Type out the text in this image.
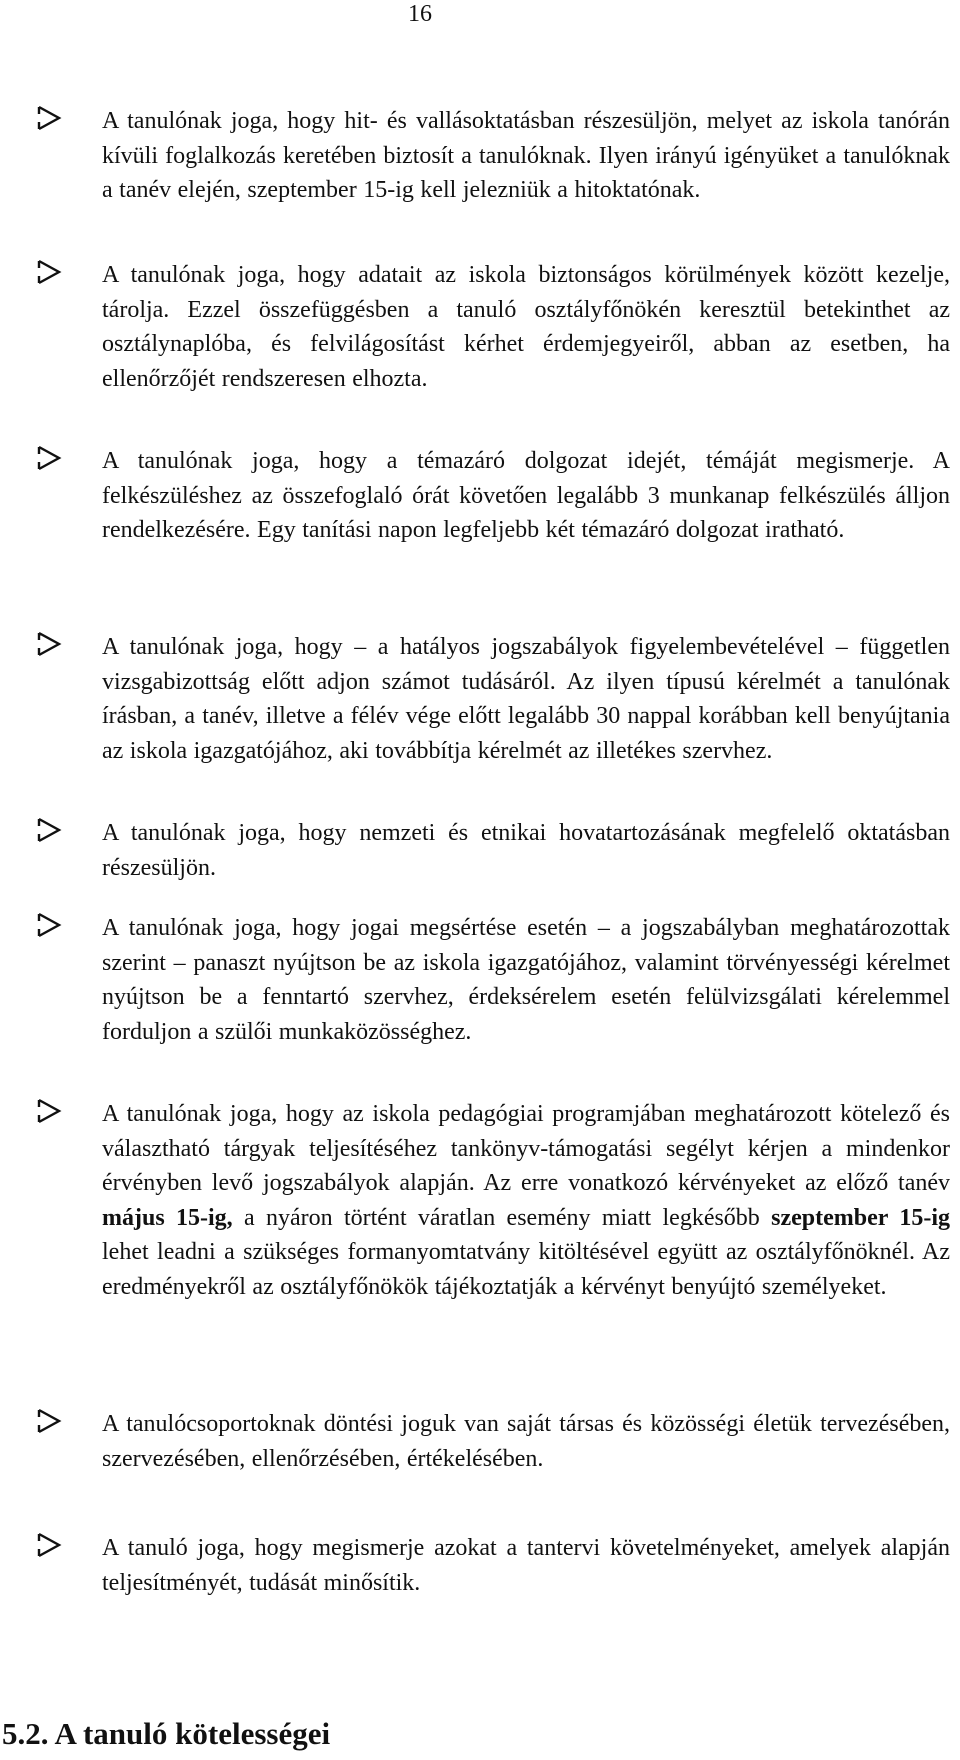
16
A tanulónak joga, hogy hit- és vallásoktatásban részesüljön, melyet az iskola tanórán kívüli foglalkozás keretében biztosít a tanulóknak. Ilyen irányú igényüket a tanulóknak a tanév elején, szeptember 15-ig kell jelezniük a hitoktatónak.
A tanulónak joga, hogy adatait az iskola biztonságos körülmények között kezelje, tárolja. Ezzel összefüggésben a tanuló osztályfőnökén keresztül betekinthet az osztálynaplóba, és felvilágosítást kérhet érdemjegyeiről, abban az esetben, ha ellenőrzőjét rendszeresen elhozta.
A tanulónak joga, hogy a témazáró dolgozat idejét, témáját megismerje. A felkészüléshez az összefoglaló órát követően legalább 3 munkanap felkészülés álljon rendelkezésére. Egy tanítási napon legfeljebb két témazáró dolgozat iratható.
A tanulónak joga, hogy – a hatályos jogszabályok figyelembevételével – független vizsgabizottság előtt adjon számot tudásáról. Az ilyen típusú kérelmét a tanulónak írásban, a tanév, illetve a félév vége előtt legalább 30 nappal korábban kell benyújtania az iskola igazgatójához, aki továbbítja kérelmét az illetékes szervhez.
A tanulónak joga, hogy nemzeti és etnikai hovatartozásának megfelelő oktatásban részesüljön.
A tanulónak joga, hogy jogai megsértése esetén – a jogszabályban meghatározottak szerint – panaszt nyújtson be az iskola igazgatójához, valamint törvényességi kérelmet nyújtson be a fenntartó szervhez, érdeksérelem esetén felülvizsgálati kérelemmel forduljon a szülői munkaközösséghez.
A tanulónak joga, hogy az iskola pedagógiai programjában meghatározott kötelező és választható tárgyak teljesítéséhez tankönyv-támogatási segélyt kérjen a mindenkor érvényben levő jogszabályok alapján. Az erre vonatkozó kérvényeket az előző tanév május 15-ig, a nyáron történt váratlan esemény miatt legkésőbb szeptember 15-ig lehet leadni a szükséges formanyomtatvány kitöltésével együtt az osztályfőnöknél. Az eredményekről az osztályfőnökök tájékoztatják a kérvényt benyújtó személyeket.
A tanulócsoportoknak döntési joguk van saját társas és közösségi életük tervezésében, szervezésében, ellenőrzésében, értékelésében.
A tanuló joga, hogy megismerje azokat a tantervi követelményeket, amelyek alapján teljesítményét, tudását minősítik.
5.2. A tanuló kötelességei
